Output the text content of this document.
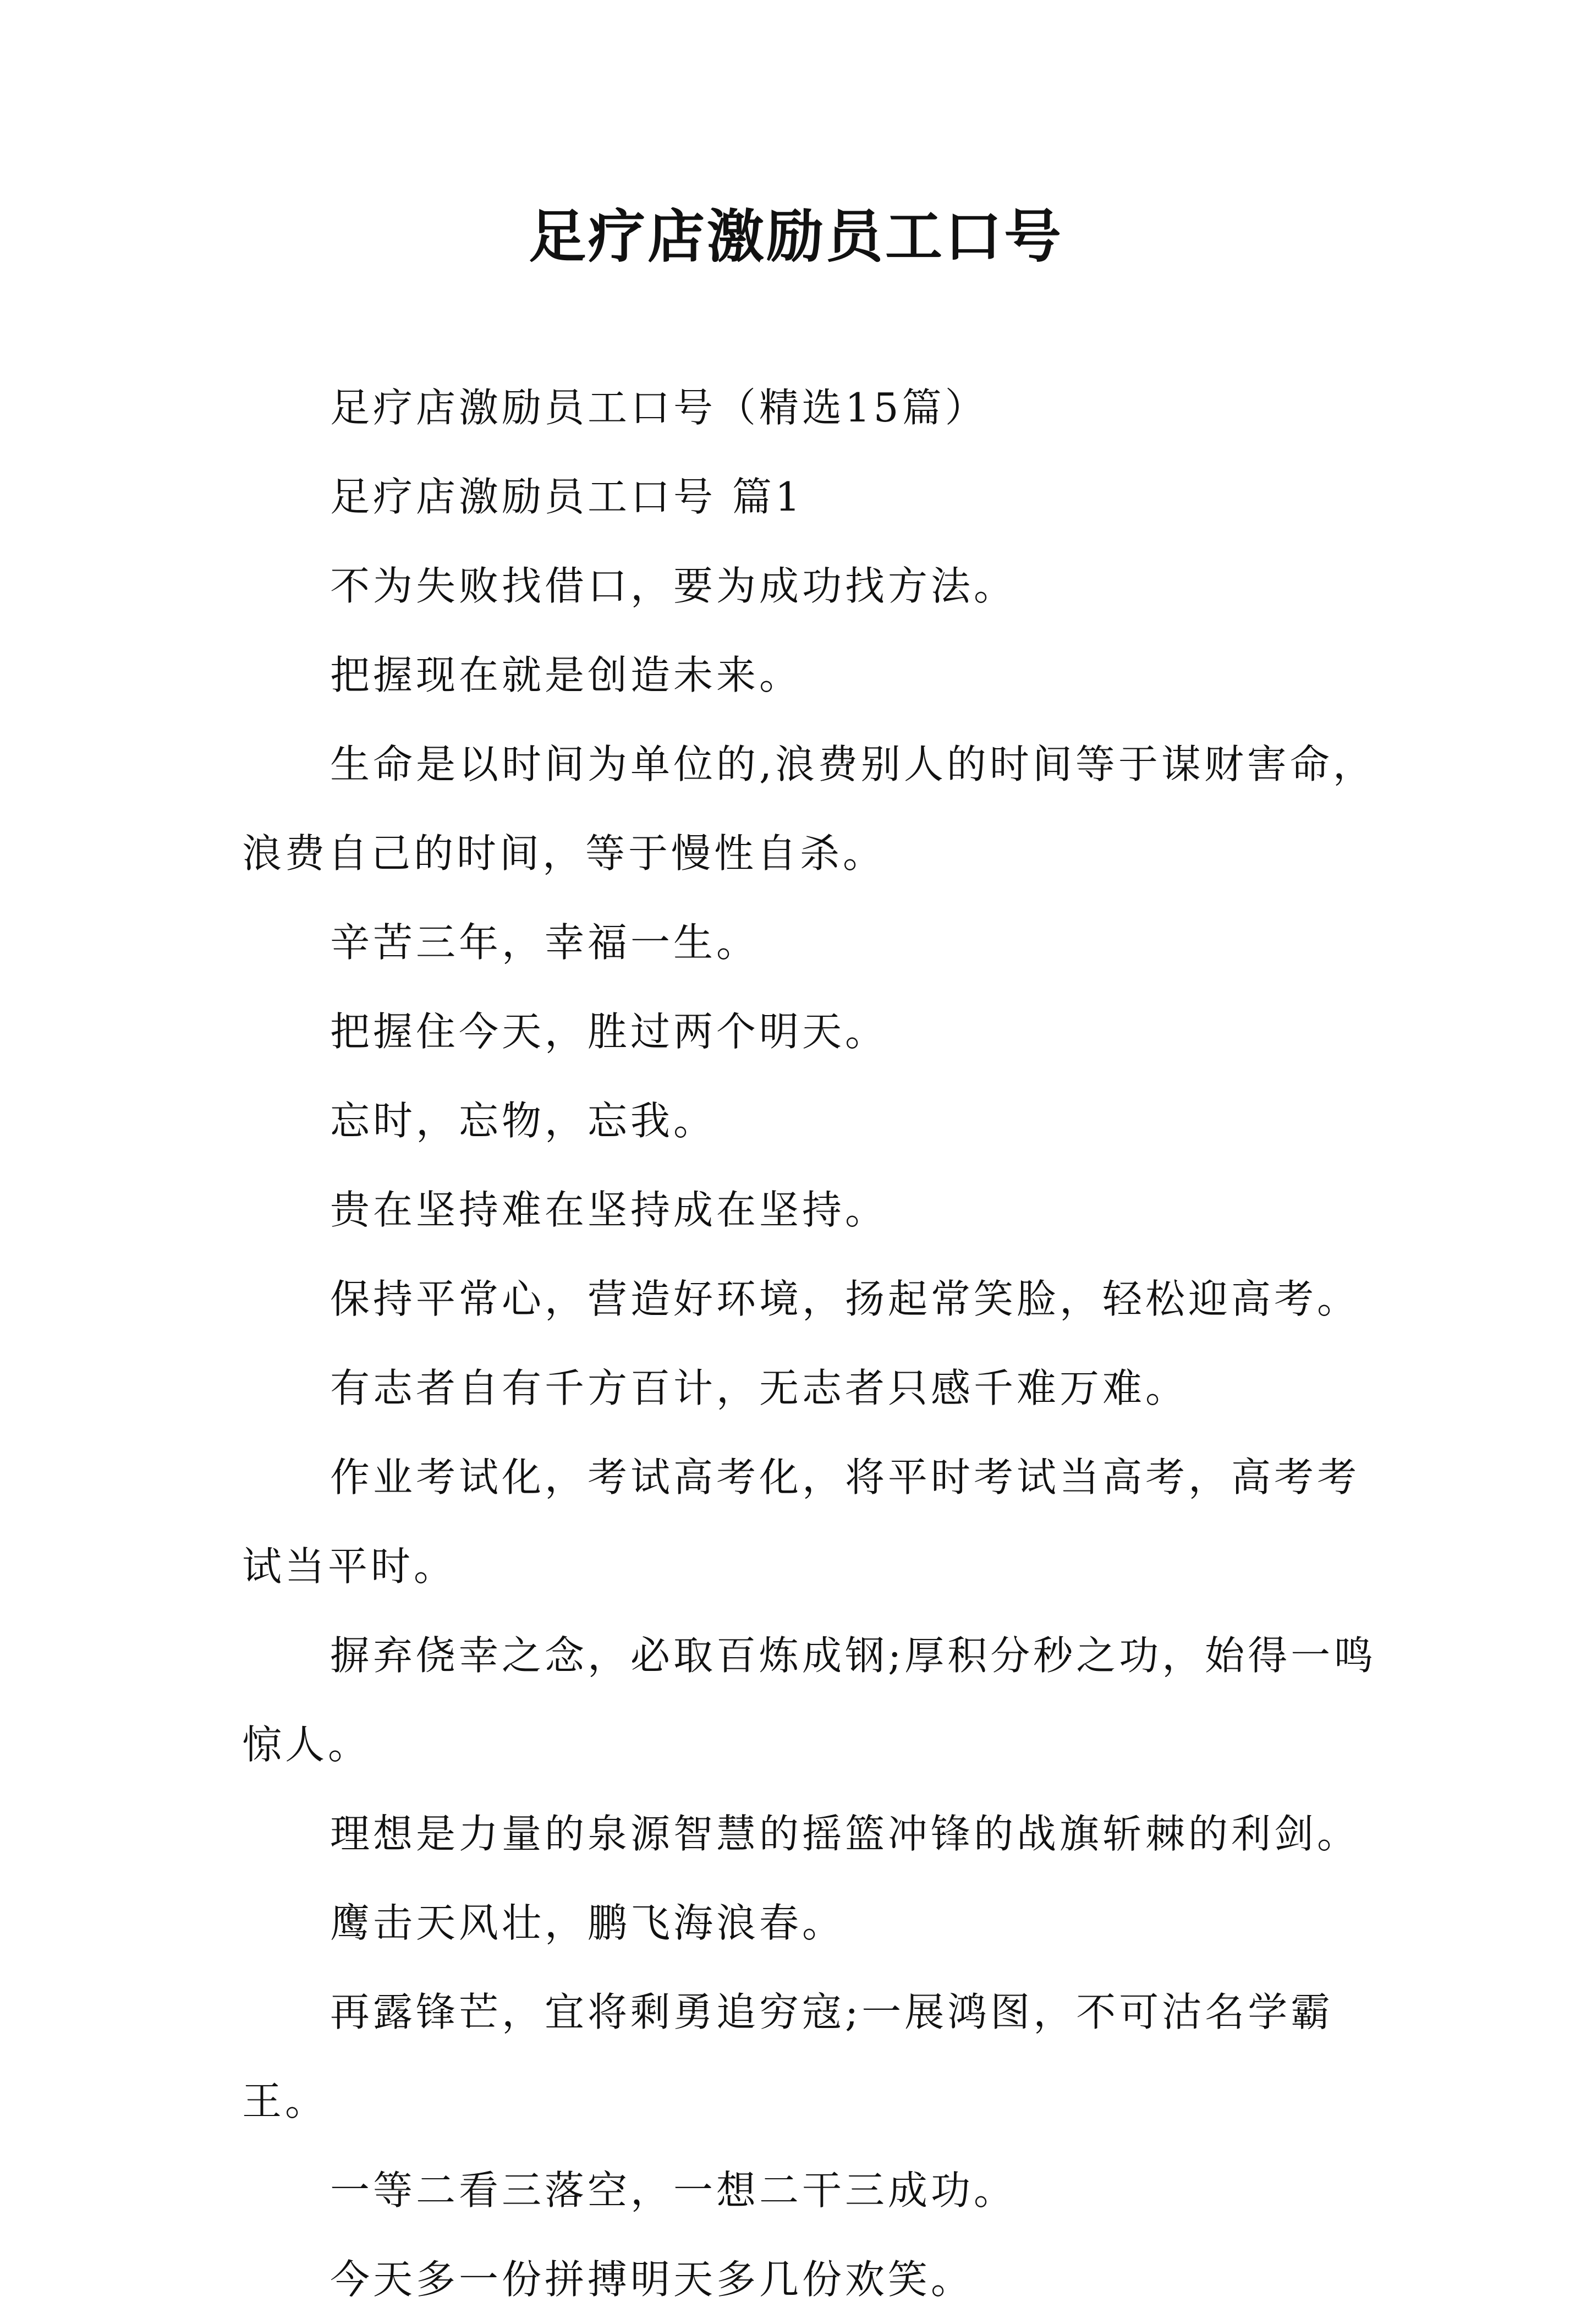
足疗店激励员工口号

足疗店激励员工口号（精选15篇）

足疗店激励员工口号 篇1

不为失败找借口，要为成功找方法。

把握现在就是创造未来。

生命是以时间为单位的,浪费别人的时间等于谋财害命，浪费自己的时间，等于慢性自杀。

辛苦三年，幸福一生。

把握住今天，胜过两个明天。

忘时，忘物，忘我。

贵在坚持难在坚持成在坚持。

保持平常心，营造好环境，扬起常笑脸，轻松迎高考。

有志者自有千方百计，无志者只感千难万难。

作业考试化，考试高考化，将平时考试当高考，高考考试当平时。

摒弃侥幸之念，必取百炼成钢;厚积分秒之功，始得一鸣惊人。

理想是力量的泉源智慧的摇篮冲锋的战旗斩棘的利剑。

鹰击天风壮，鹏飞海浪春。

再露锋芒，宜将剩勇追穷寇;一展鸿图，不可沽名学霸王。

一等二看三落空，一想二干三成功。

今天多一份拼搏明天多几份欢笑。
